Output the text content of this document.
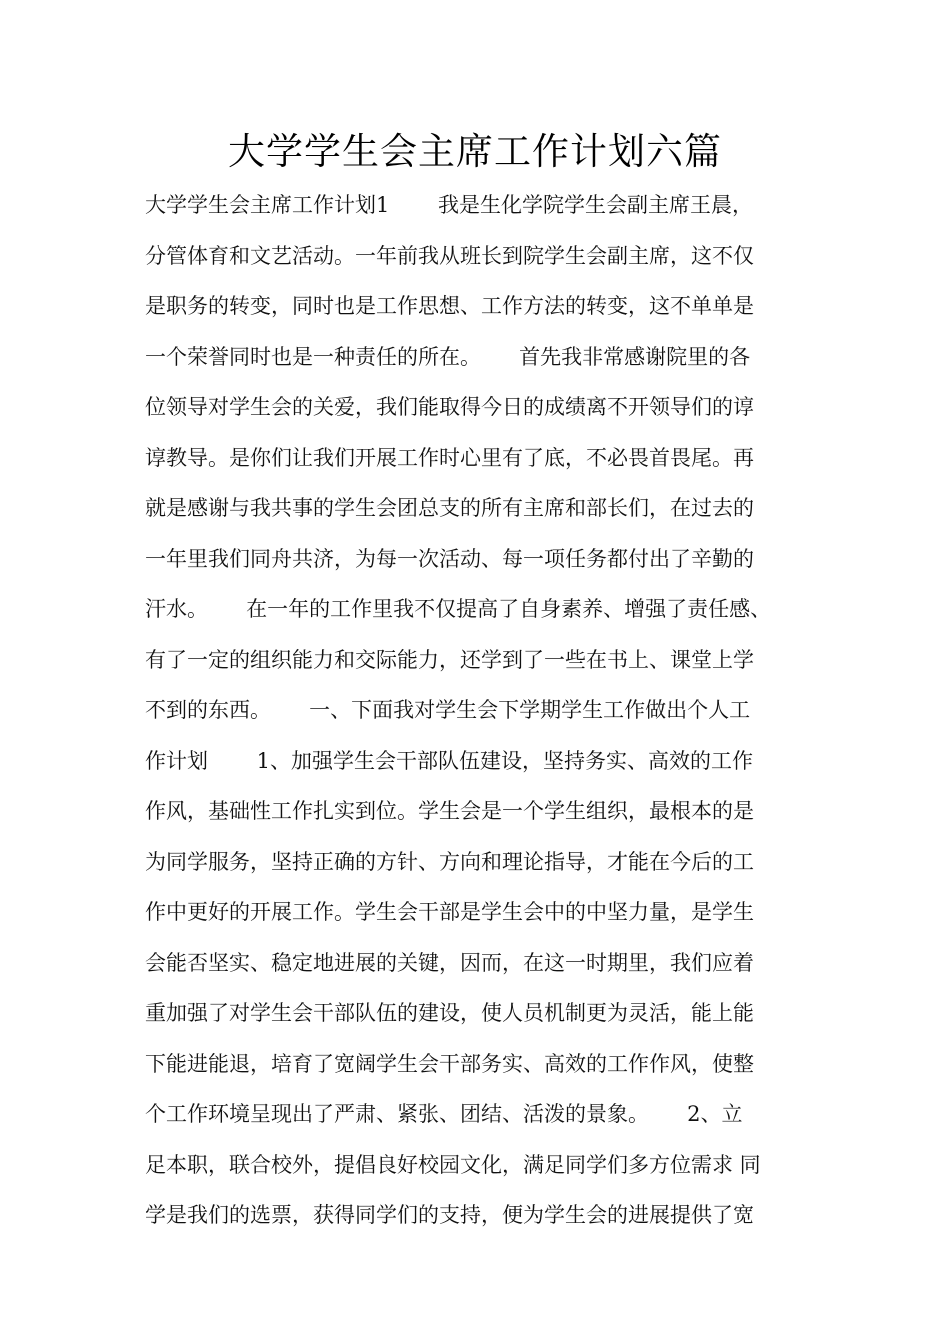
大学学生会主席工作计划六篇
大学学生会主席工作计划1　　 我是生化学院学生会副主席王晨，
分管体育和文艺活动。一年前我从班长到院学生会副主席，这不仅
是职务的转变，同时也是工作思想、工作方法的转变，这不单单是
一个荣誉同时也是一种责任的所在。　　 首先我非常感谢院里的各
位领导对学生会的关爱，我们能取得今日的成绩离不开领导们的谆
谆教导。是你们让我们开展工作时心里有了底，不必畏首畏尾。再
就是感谢与我共事的学生会团总支的所有主席和部长们，在过去的
一年里我们同舟共济，为每一次活动、每一项任务都付出了辛勤的
汗水。　　 在一年的工作里我不仅提高了自身素养、增强了责任感、
有了一定的组织能力和交际能力，还学到了一些在书上、课堂上学
不到的东西。　　 一、下面我对学生会下学期学生工作做出个人工
作计划　　 1、加强学生会干部队伍建设，坚持务实、高效的工作
作风，基础性工作扎实到位。学生会是一个学生组织，最根本的是
为同学服务，坚持正确的方针、方向和理论指导，才能在今后的工
作中更好的开展工作。学生会干部是学生会中的中坚力量，是学生
会能否坚实、稳定地进展的关键，因而，在这一时期里，我们应着
重加强了对学生会干部队伍的建设，使人员机制更为灵活，能上能
下能进能退，培育了宽阔学生会干部务实、高效的工作作风，使整
个工作环境呈现出了严肃、紧张、团结、活泼的景象。　　 2、立
足本职，联合校外，提倡良好校园文化，满足同学们多方位需求 同
学是我们的选票，获得同学们的支持，便为学生会的进展提供了宽
